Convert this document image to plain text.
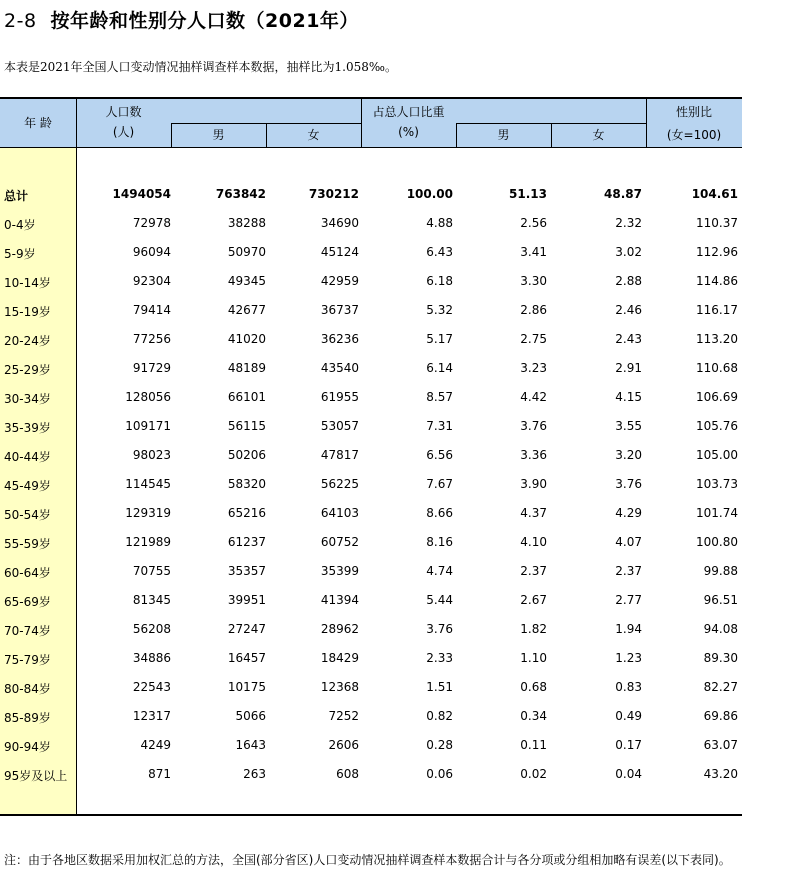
2-8 按年龄和性别分人口数（2021年）
本表是2021年全国人口变动情况抽样调查样本数据，抽样比为1.058‰。
年 龄
人口数
(人)	男	女
占总人口比重
(%)	男	女
性别比
(女=100)
总计	1494054	763842	730212	100.00	51.13	48.87	104.61
0-4岁	72978	38288	34690	4.88	2.56	2.32	110.37
5-9岁	96094	50970	45124	6.43	3.41	3.02	112.96
10-14岁	92304	49345	42959	6.18	3.30	2.88	114.86
15-19岁	79414	42677	36737	5.32	2.86	2.46	116.17
20-24岁	77256	41020	36236	5.17	2.75	2.43	113.20
25-29岁	91729	48189	43540	6.14	3.23	2.91	110.68
30-34岁	128056	66101	61955	8.57	4.42	4.15	106.69
35-39岁	109171	56115	53057	7.31	3.76	3.55	105.76
40-44岁	98023	50206	47817	6.56	3.36	3.20	105.00
45-49岁	114545	58320	56225	7.67	3.90	3.76	103.73
50-54岁	129319	65216	64103	8.66	4.37	4.29	101.74
55-59岁	121989	61237	60752	8.16	4.10	4.07	100.80
60-64岁	70755	35357	35399	4.74	2.37	2.37	99.88
65-69岁	81345	39951	41394	5.44	2.67	2.77	96.51
70-74岁	56208	27247	28962	3.76	1.82	1.94	94.08
75-79岁	34886	16457	18429	2.33	1.10	1.23	89.30
80-84岁	22543	10175	12368	1.51	0.68	0.83	82.27
85-89岁	12317	5066	7252	0.82	0.34	0.49	69.86
90-94岁	4249	1643	2606	0.28	0.11	0.17	63.07
95岁及以上	871	263	608	0.06	0.02	0.04	43.20
注：由于各地区数据采用加权汇总的方法，全国(部分省区)人口变动情况抽样调查样本数据合计与各分项或分组相加略有误差(以下表同)。
